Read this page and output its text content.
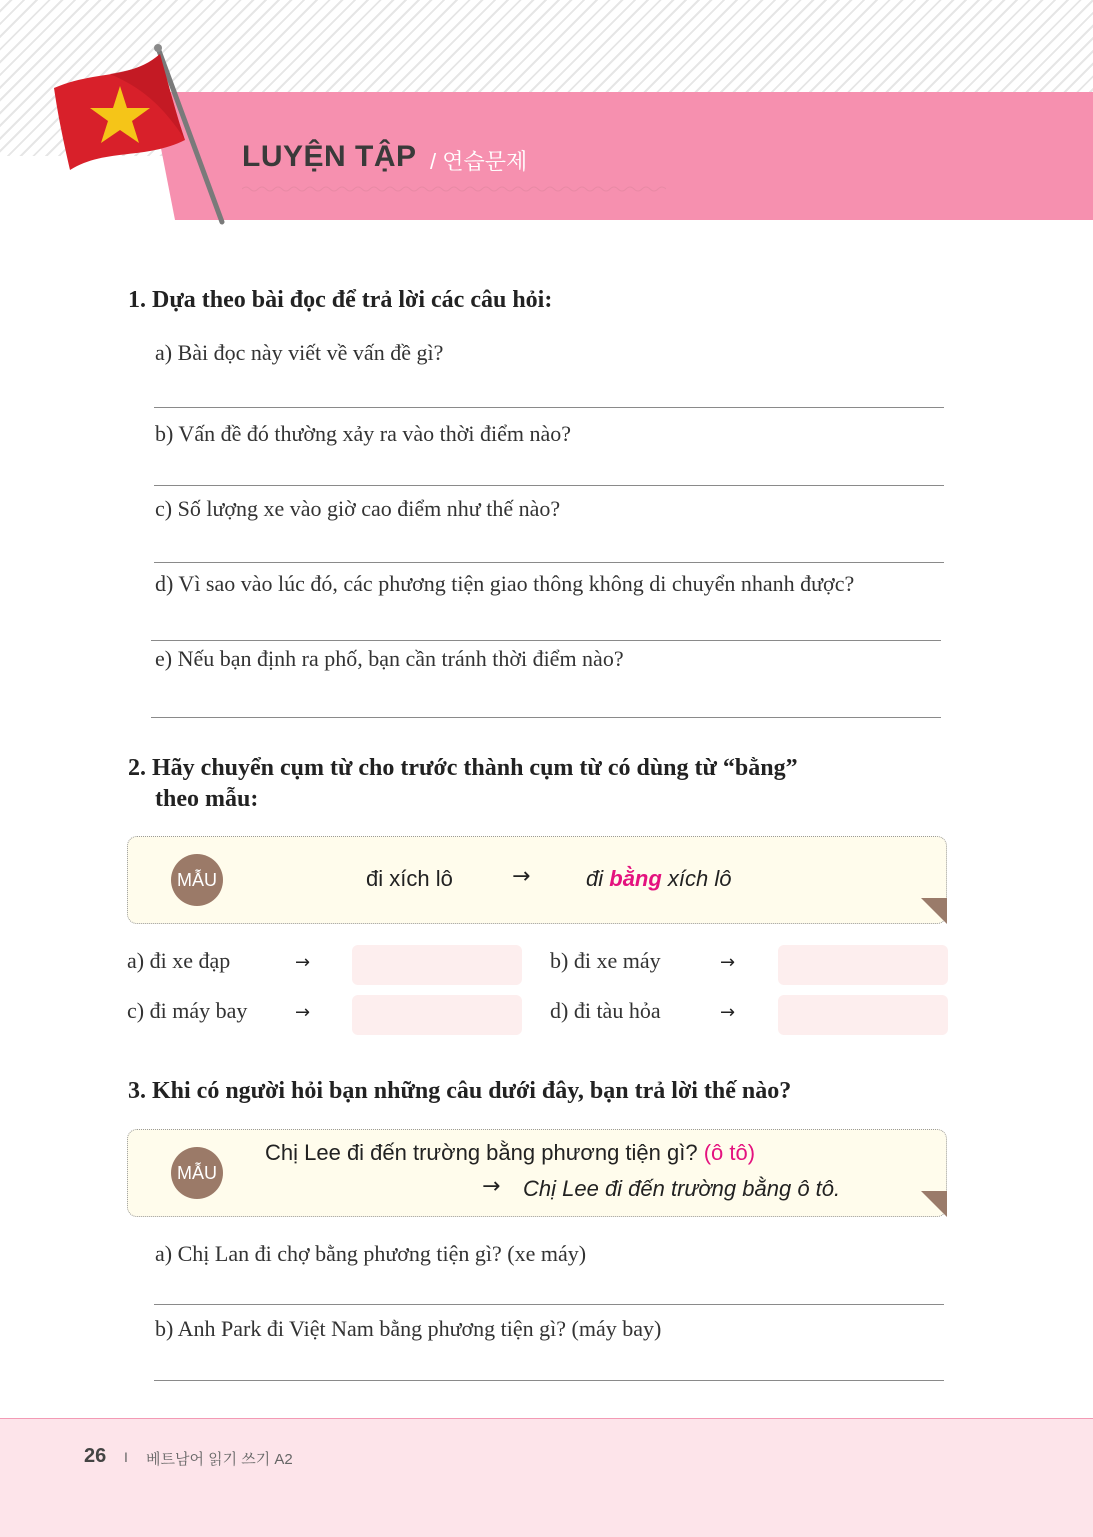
LUYỆN TẬP / 연습문제
1. Dựa theo bài đọc để trả lời các câu hỏi:
a) Bài đọc này viết về vấn đề gì?
b) Vấn đề đó thường xảy ra vào thời điểm nào?
c) Số lượng xe vào giờ cao điểm như thế nào?
d) Vì sao vào lúc đó, các phương tiện giao thông không di chuyển nhanh được?
e) Nếu bạn định ra phố, bạn cần tránh thời điểm nào?
2. Hãy chuyển cụm từ cho trước thành cụm từ có dùng từ “bằng”
theo mẫu:
MẪU	đi xích lô	→	đi bằng xích lô
a) đi xe đạp	→	b) đi xe máy	→
c) đi máy bay	→	d) đi tàu hỏa	→
3. Khi có người hỏi bạn những câu dưới đây, bạn trả lời thế nào?
MẪU
Chị Lee đi đến trường bằng phương tiện gì? (ô tô)
→ Chị Lee đi đến trường bằng ô tô.
a) Chị Lan đi chợ bằng phương tiện gì? (xe máy)
b) Anh Park đi Việt Nam bằng phương tiện gì? (máy bay)
26 I 베트남어 읽기 쓰기 A2
